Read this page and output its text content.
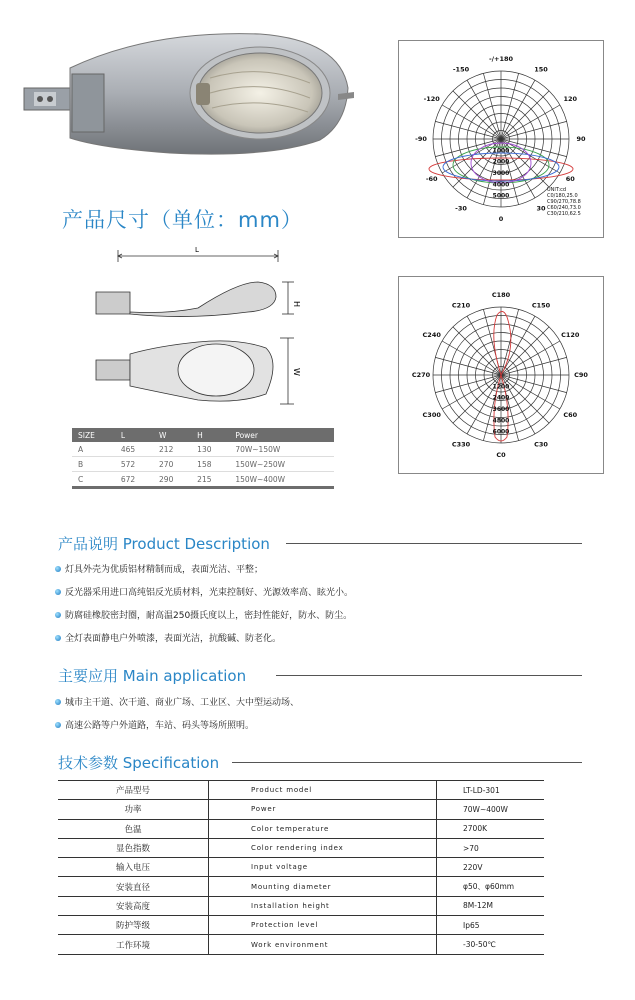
产品尺寸（单位：mm）
-/+180
-150	150
-120	120
-90	90
-60	60
-30	30
0
1000
2000
3000
4000
5000
UNIT:cd
C0/180,25.0
C90/270,78.8
C60/240,73.0
C30/210,62.5
C180
C210	C150
C240	C120
C270	C90
C300	C60
C330	C30
C0
1200
2400
3600
4800
6000
L
H
W
SIZE	L	W	H	Power
A	465	212	130	70W~150W
B	572	270	158	150W~250W
C	672	290	215	150W~400W
产品说明 Product Description
灯具外壳为优质铝材精制而成，表面光洁、平整；
反光器采用进口高纯铝反光质材料，光束控制好、光源效率高、眩光小。
防腐硅橡胶密封圈，耐高温250摄氏度以上，密封性能好，防水、防尘。
全灯表面静电户外喷漆，表面光洁，抗酸碱、防老化。
主要应用 Main application
城市主干道、次干道、商业广场、工业区、大中型运动场、
高速公路等户外道路，车站、码头等场所照明。
技术参数 Specification
产品型号	Product model	LT-LD-301
功率	Power	70W~400W
色温	Color temperature	2700K
显色指数	Color rendering index	>70
输入电压	Input voltage	220V
安装直径	Mounting diameter	φ50、φ60mm
安装高度	Installation height	8M-12M
防护等级	Protection level	Ip65
工作环境	Work environment	-30-50℃
